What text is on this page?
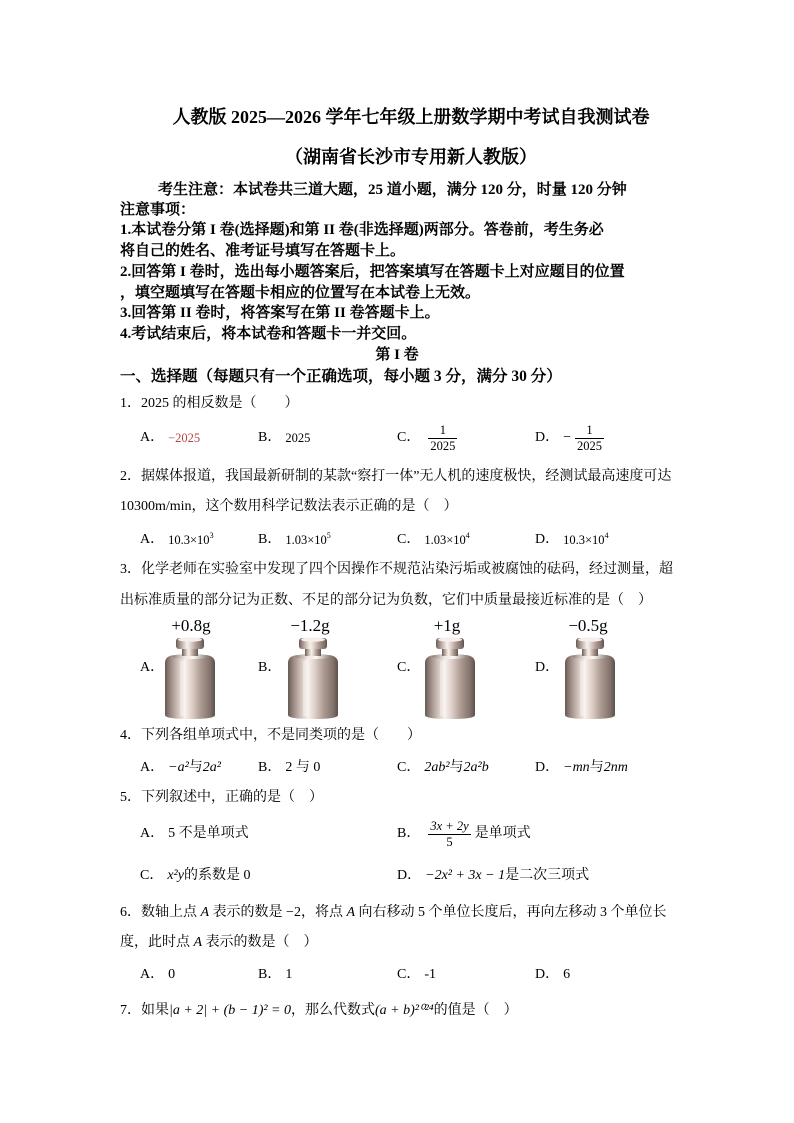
人教版 2025—2026 学年七年级上册数学期中考试自我测试卷
（湖南省长沙市专用新人教版）
考生注意：本试卷共三道大题，25 道小题，满分 120 分，时量 120 分钟
注意事项：
1.本试卷分第 I 卷(选择题)和第 II 卷(非选择题)两部分。答卷前，考生务必
将自己的姓名、准考证号填写在答题卡上。
2.回答第 I 卷时，选出每小题答案后，把答案填写在答题卡上对应题目的位置
，填空题填写在答题卡相应的位置写在本试卷上无效。
3.回答第 II 卷时，将答案写在第 II 卷答题卡上。
4.考试结束后，将本试卷和答题卡一并交回。
第 I 卷
一、选择题（每题只有一个正确选项，每小题 3 分，满分 30 分）
1．2025 的相反数是（　　）
A． −2025	B． 2025	C． $\frac{1}{2025}$	D． − $\frac{1}{2025}$
2．据媒体报道，我国最新研制的某款“察打一体”无人机的速度极快，经测试最高速度可达
10300m/min，这个数用科学记数法表示正确的是（　）
A． $10.3\times 10^3$	B． $1.03\times 10^5$	C． $1.03\times 10^4$	D． $10.3\times 10^4$
3．化学老师在实验室中发现了四个因操作不规范沾染污垢或被腐蚀的砝码，经过测量，超
出标准质量的部分记为正数、不足的部分记为负数，它们中质量最接近标准的是（　）
+0.8g	−1.2g	+1g	−0.5g
A．	B．	C．	D．
4．下列各组单项式中，不是同类项的是（　　）
A． −a² 与 2a²	B． 2 与 0	C． 2ab² 与 2a²b	D． −mn 与 2nm
5．下列叙述中，正确的是（　）
A． 5 不是单项式	B． $\frac{3x + 2y}{5}$ 是单项式
C． x²y 的系数是 0	D． −2x² + 3x − 1 是二次三项式
6．数轴上点 A 表示的数是 −2，将点 A 向右移动 5 个单位长度后，再向左移动 3 个单位长
度，此时点 A 表示的数是（　）
A． 0	B． 1	C． -1	D． 6
7．如果|a + 2| + (b − 1)² = 0，那么代数式(a + b)²⁰²⁴的值是（　）
